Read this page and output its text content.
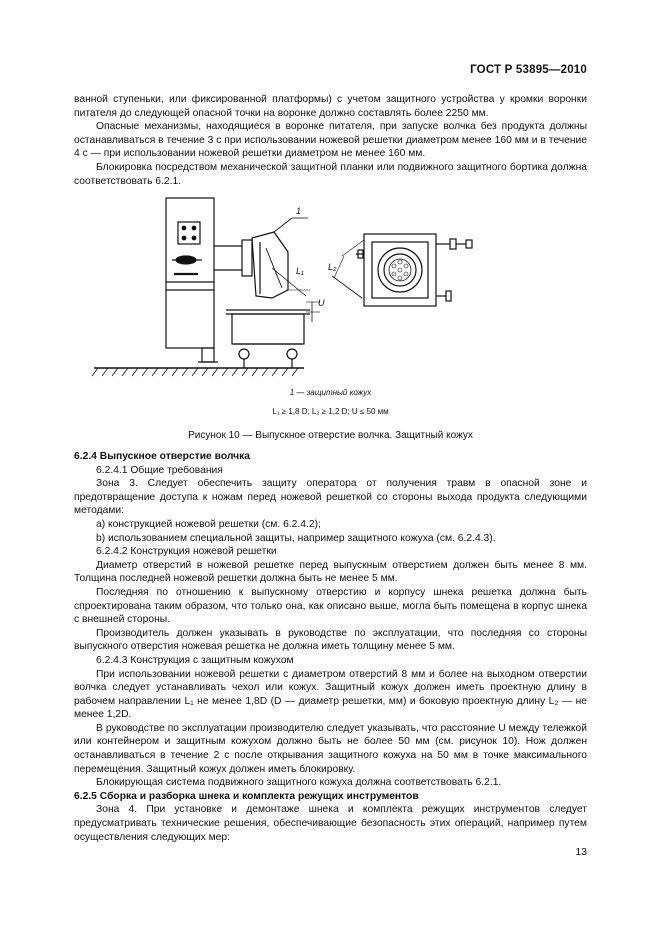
ГОСТ Р 53895—2010

ванной ступеньки, или фиксированной платформы) с учетом защитного устройства у кромки воронки питателя до следующей опасной точки на воронке должно составлять более 2250 мм.

Опасные механизмы, находящиеся в воронке питателя, при запуске волчка без продукта должны останавливаться в течение 3 с при использовании ножевой решетки диаметром менее 160 мм и в течение 4 с — при использовании ножевой решетки диаметром не менее 160 мм.

Блокировка посредством механической защитной планки или подвижного защитного бортика должна соответствовать 6.2.1.

1
L₁
U
L₂
1 — защитный кожух
L₁ ≥ 1,8 D; L₂ ≥ 1,2 D; U ≤ 50 мм
Рисунок 10 — Выпускное отверстие волчка. Защитный кожух

6.2.4 Выпускное отверстие волчка

6.2.4.1 Общие требования

Зона 3. Следует обеспечить защиту оператора от получения травм в опасной зоне и предотвращение доступа к ножам перед ножевой решеткой со стороны выхода продукта следующими методами:

а) конструкцией ножевой решетки (см. 6.2.4.2);

b) использованием специальной защиты, например защитного кожуха (см. 6.2.4.3).

6.2.4.2 Конструкция ножевой решетки

Диаметр отверстий в ножевой решетке перед выпускным отверстием должен быть менее 8 мм. Толщина последней ножевой решетки должна быть не менее 5 мм.

Последняя по отношению к выпускному отверстию и корпусу шнека решетка должна быть спроектирована таким образом, что только она, как описано выше, могла быть помещена в корпус шнека с внешней стороны.

Производитель должен указывать в руководстве по эксплуатации, что последняя со стороны выпускного отверстия ножевая решетка не должна иметь толщину менее 5 мм.

6.2.4.3 Конструкция с защитным кожухом

При использовании ножевой решетки с диаметром отверстий 8 мм и более на выходном отверстии волчка следует устанавливать чехол или кожух. Защитный кожух должен иметь проектную длину в рабочем направлении L₁ не менее 1,8D (D — диаметр решетки, мм) и боковую проектную длину L₂ — не менее 1,2D.

В руководстве по эксплуатации производителю следует указывать, что расстояние U между тележкой или контейнером и защитным кожухом должно быть не более 50 мм (см. рисунок 10). Нож должен останавливаться в течение 2 с после открывания защитного кожуха на 50 мм в точке максимального перемещения. Защитный кожух должен иметь блокировку.

Блокирующая система подвижного защитного кожуха должна соответствовать 6.2.1.

6.2.5 Сборка и разборка шнека и комплекта режущих инструментов

Зона 4. При установке и демонтаже шнека и комплекта режущих инструментов следует предусматривать технические решения, обеспечивающие безопасность этих операций, например путем осуществления следующих мер:

13
